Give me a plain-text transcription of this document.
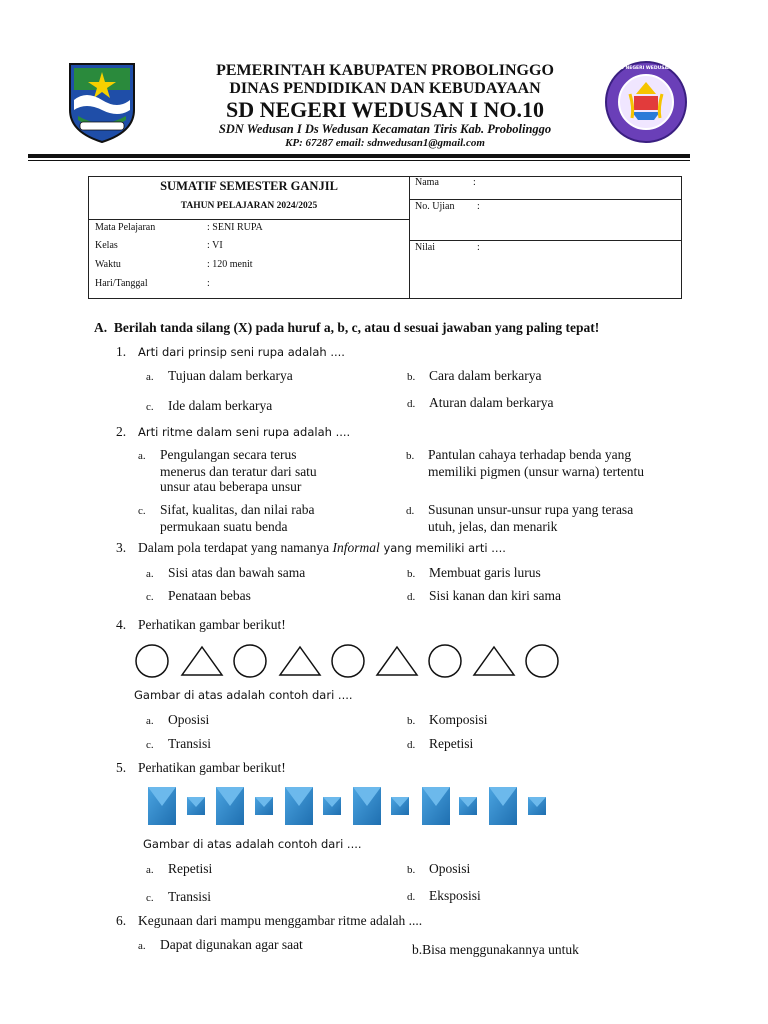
SD NEGERI WEDUSAN I
PEMERINTAH KABUPATEN PROBOLINGGO
DINAS PENDIDIKAN DAN KEBUDAYAAN
SD NEGERI WEDUSAN I NO.10
SDN Wedusan I Ds Wedusan Kecamatan Tiris Kab. Probolinggo
KP: 67287 email: sdnwedusan1@gmail.com
SUMATIF SEMESTER GANJIL
TAHUN PELAJARAN 2024/2025
Mata Pelajaran	: SENI RUPA
Kelas	: VI
Waktu	: 120 menit
Hari/Tanggal	:
Nama	:
No. Ujian :
Nilai	:
A.  Berilah tanda silang (X) pada huruf a, b, c, atau d sesuai jawaban yang paling tepat!
1. Arti dari prinsip seni rupa adalah ....
a. Tujuan dalam berkarya	b. Cara dalam berkarya
c. Ide dalam berkarya	d. Aturan dalam berkarya
2. Arti ritme dalam seni rupa adalah ....
a. Pengulangan secara terus
menerus dan teratur dari satu
unsur atau beberapa unsur
b. Pantulan cahaya terhadap benda yang
memiliki pigmen (unsur warna) tertentu
c. Sifat, kualitas, dan nilai raba
permukaan suatu benda
d. Susunan unsur-unsur rupa yang terasa
utuh, jelas, dan menarik
3. Dalam pola terdapat yang namanya Informal yang memiliki arti ....
a. Sisi atas dan bawah sama	b. Membuat garis lurus
c. Penataan bebas	d. Sisi kanan dan kiri sama
4. Perhatikan gambar berikut!
Gambar di atas adalah contoh dari ....
a. Oposisi	b. Komposisi
c. Transisi	d. Repetisi
5. Perhatikan gambar berikut!
Gambar di atas adalah contoh dari ....
a. Repetisi	b. Oposisi
c. Transisi	d. Eksposisi
6. Kegunaan dari mampu menggambar ritme adalah ....
a. Dapat digunakan agar saat	b.Bisa menggunakannya untuk
